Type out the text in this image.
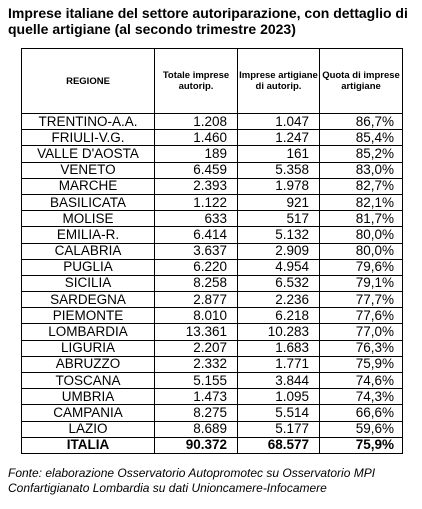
Imprese italiane del settore autoriparazione, con dettaglio di quelle artigiane (al secondo trimestre 2023)
REGIONE	Totale imprese autorip.	Imprese artigiane di autorip.	Quota di imprese artigiane
TRENTINO-A.A.	1.208	1.047	86,7%
FRIULI-V.G.	1.460	1.247	85,4%
VALLE D'AOSTA	189	161	85,2%
VENETO	6.459	5.358	83,0%
MARCHE	2.393	1.978	82,7%
BASILICATA	1.122	921	82,1%
MOLISE	633	517	81,7%
EMILIA-R.	6.414	5.132	80,0%
CALABRIA	3.637	2.909	80,0%
PUGLIA	6.220	4.954	79,6%
SICILIA	8.258	6.532	79,1%
SARDEGNA	2.877	2.236	77,7%
PIEMONTE	8.010	6.218	77,6%
LOMBARDIA	13.361	10.283	77,0%
LIGURIA	2.207	1.683	76,3%
ABRUZZO	2.332	1.771	75,9%
TOSCANA	5.155	3.844	74,6%
UMBRIA	1.473	1.095	74,3%
CAMPANIA	8.275	5.514	66,6%
LAZIO	8.689	5.177	59,6%
ITALIA	90.372	68.577	75,9%
Fonte: elaborazione Osservatorio Autopromotec su Osservatorio MPI Confartigianato Lombardia su dati Unioncamere-Infocamere
